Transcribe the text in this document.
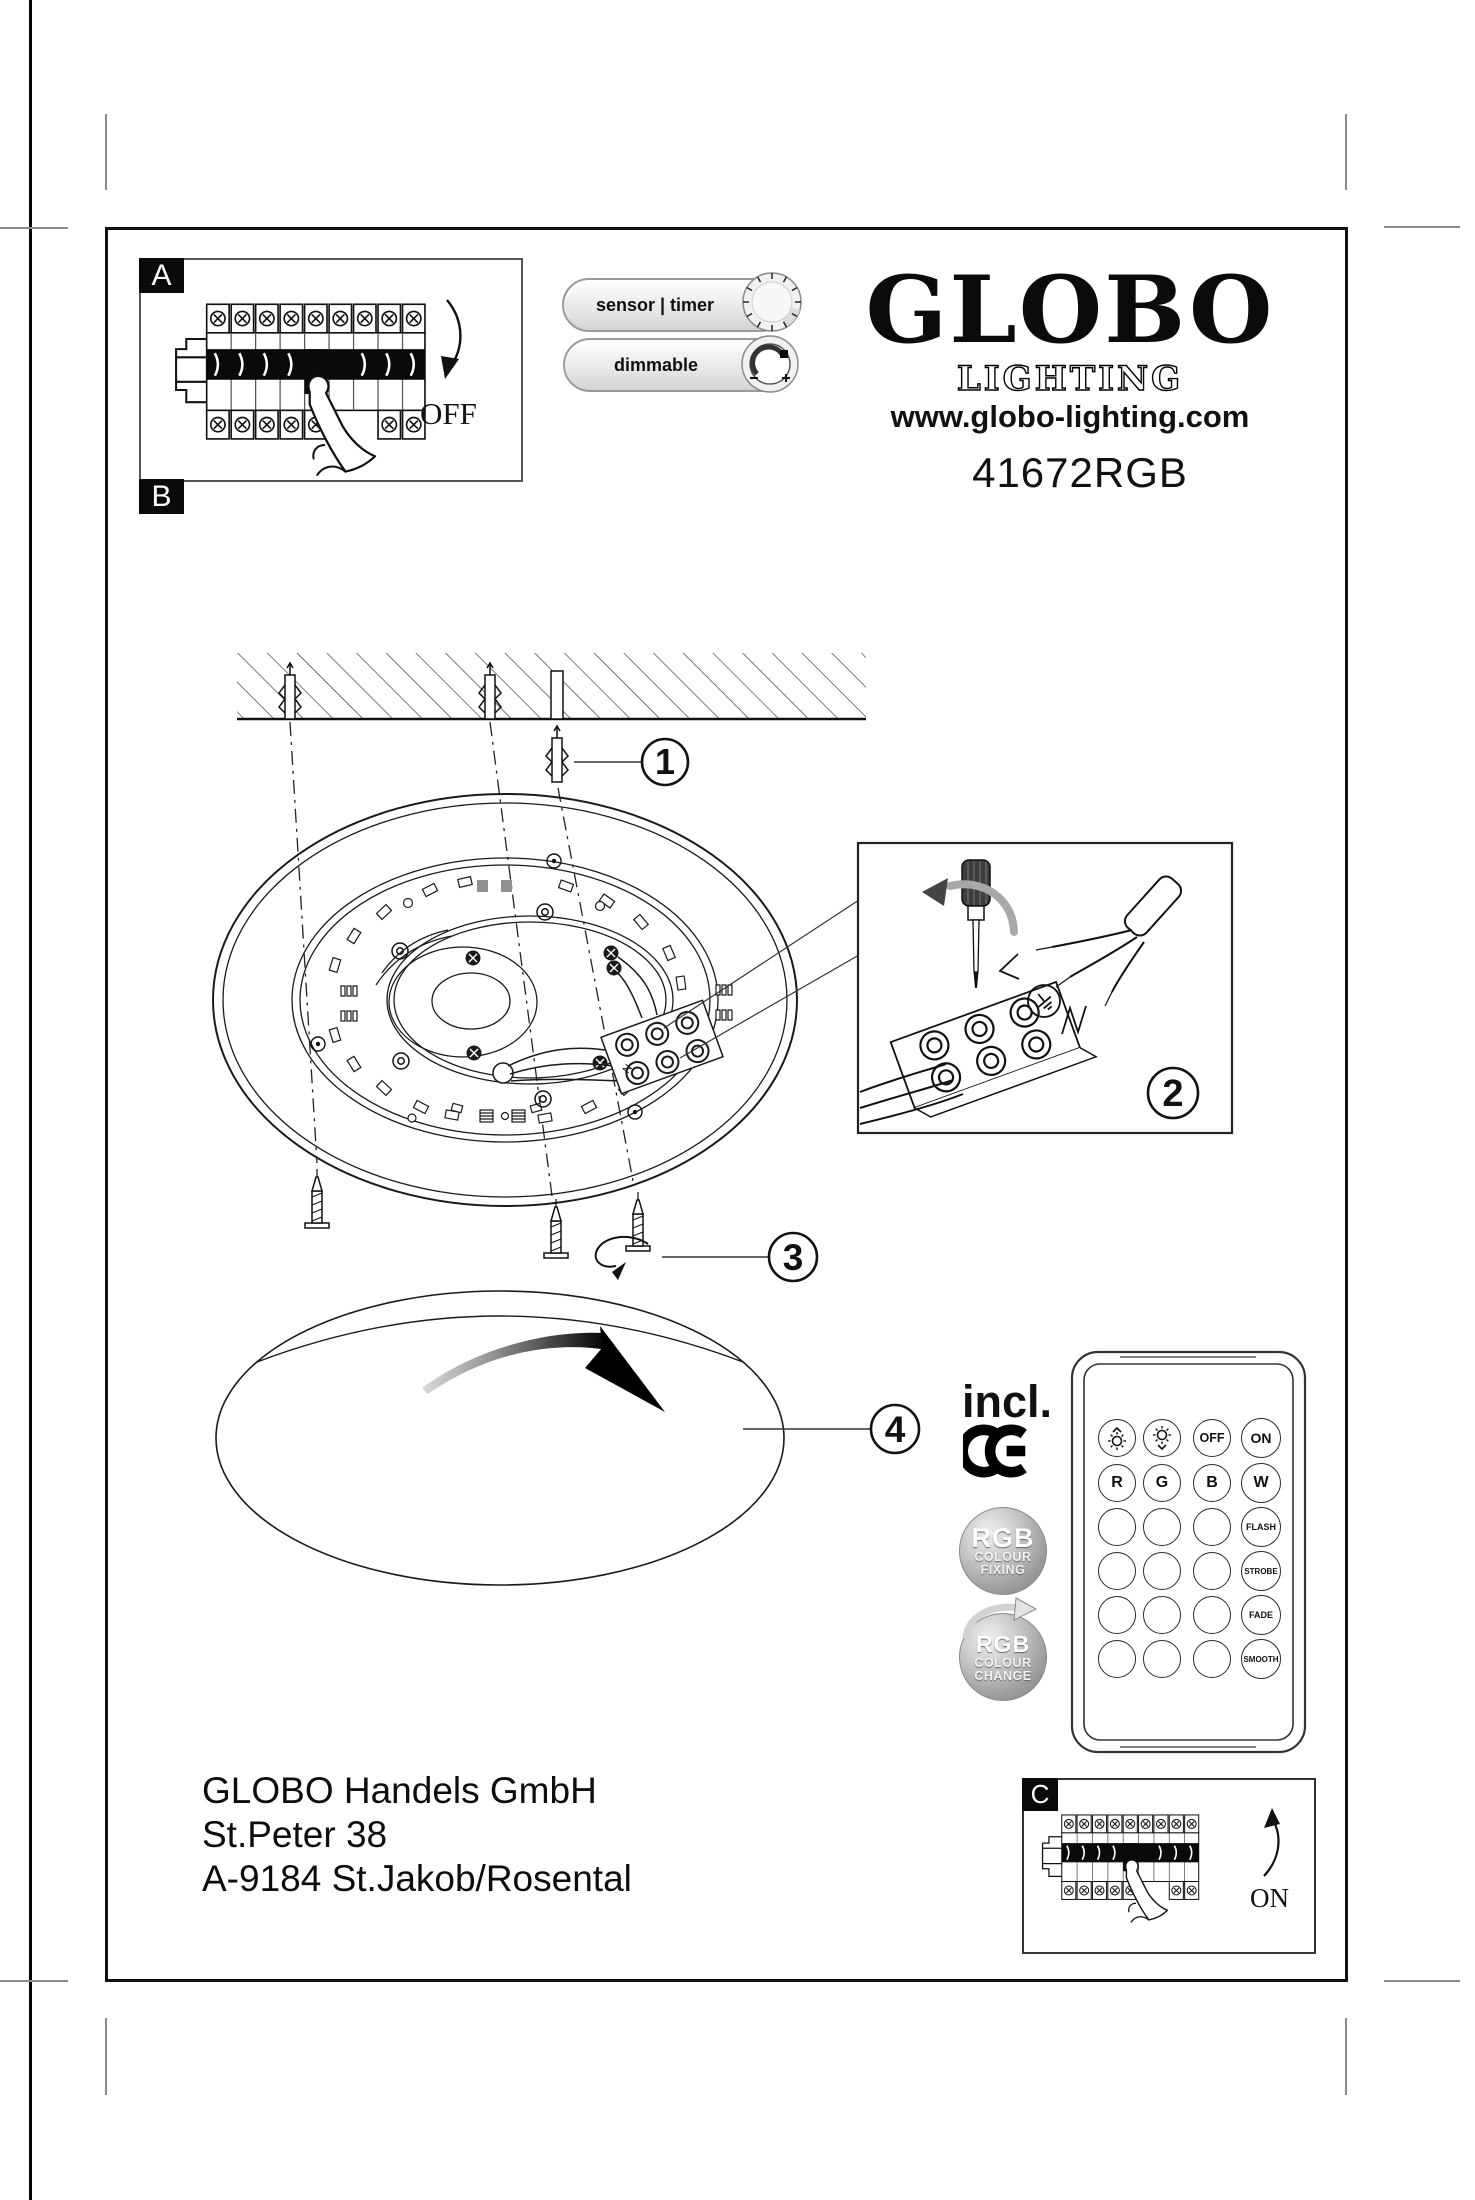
sensor | timer
dimmable	LIGHTING
1
N
2
3
4
A
B
C
OFF
ON
GLOBO
www.globo-lighting.com
41672RGB
incl.
RGB
COLOUR
FIXING
RGB
COLOUR
CHANGE
OFF	ON
R	G	B	W
FLASH
STROBE
FADE
SMOOTH
GLOBO Handels GmbH
St.Peter 38
A-9184 St.Jakob/Rosental
